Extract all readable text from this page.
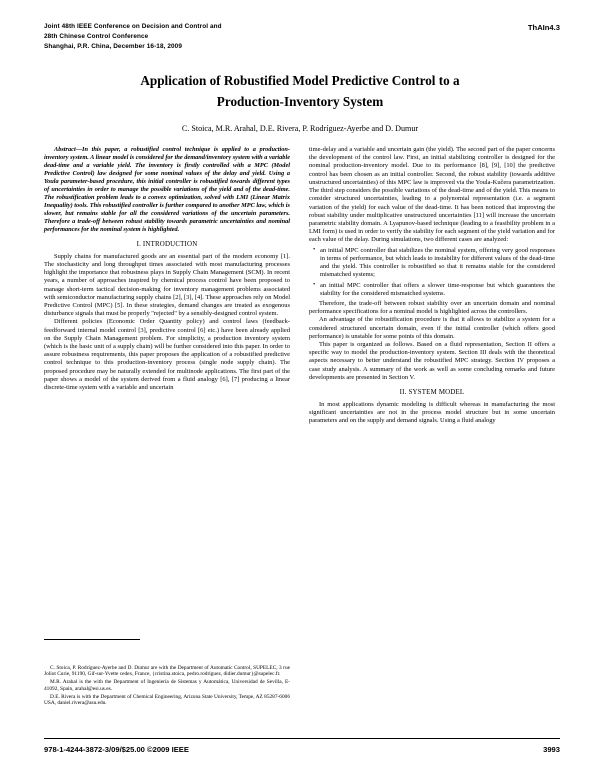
Joint 48th IEEE Conference on Decision and Control and
28th Chinese Control Conference
Shanghai, P.R. China, December 16-18, 2009
ThAIn4.3
Application of Robustified Model Predictive Control to a
Production-Inventory System
C. Stoica, M.R. Arahal, D.E. Rivera, P. Rodríguez-Ayerbe and D. Dumur

Abstract—In this paper, a robustified control technique is applied to a production-inventory system. A linear model is considered for the demand/inventory system with a variable dead-time and a variable yield. The inventory is firstly controlled with a MPC (Model Predictive Control) law designed for some nominal values of the delay and yield. Using a Youla parameter-based procedure, this initial controller is robustified towards different types of uncertainties in order to manage the possible variations of the yield and of the dead-time. The robustification problem leads to a convex optimization, solved with LMI (Linear Matrix Inequality) tools. This robustified controller is further compared to another MPC law, which is slower, but remains stable for all the considered variations of the uncertain parameters. Therefore a trade-off between robust stability towards parametric uncertainties and nominal performances for the nominal system is highlighted.

I. INTRODUCTION

Supply chains for manufactured goods are an essential part of the modern economy [1]. The stochasticity and long throughput times associated with most manufacturing processes highlight the importance that robustness plays in Supply Chain Management (SCM). In recent years, a number of approaches inspired by chemical process control have been proposed to manage short-term tactical decision-making for inventory management problems associated with semiconductor manufacturing supply chains [2], [3], [4]. These approaches rely on Model Predictive Control (MPC) [5]. In these strategies, demand changes are treated as exogenous disturbance signals that must be properly "rejected" by a sensibly-designed control system.

Different policies (Economic Order Quantity policy) and control laws (feedback-feedforward internal model control [3], predictive control [6] etc.) have been already applied on the Supply Chain Management problem. For simplicity, a production inventory system (which is the basic unit of a supply chain) will be further considered into this paper. In order to assure robustness requirements, this paper proposes the application of a robustified predictive control technique to this production-inventory process (single node supply chain). The proposed procedure may be naturally extended for multinode applications. The first part of the paper shows a model of the system derived from a fluid analogy [6], [7] producing a linear discrete-time system with a variable and uncertain

C. Stoica, P. Rodríguez-Ayerbe and D. Dumur are with the Department of Automatic Control, SUPELEC, 3 rue Joliot Curie, 91190, Gif-sur-Yvette cedex, France, {cristina.stoica, pedro.rodriguez, didier.dumur}@supelec.fr.

M.R. Arahal is the with the Department of Ingeniería de Sistemas y Automática, Universidad de Sevilla, E-41092, Spain, arahal@esi.us.es.

D.E. Rivera is with the Department of Chemical Engineering, Arizona State University, Tempe, AZ 85287-6006 USA, daniel.rivera@asu.edu.

time-delay and a variable and uncertain gain (the yield). The second part of the paper concerns the development of the control law. First, an initial stabilizing controller is designed for the nominal production-inventory model. Due to its performance [8], [9], [10] the predictive control has been chosen as an initial controller. Second, the robust stability (towards additive unstructured uncertainties) of this MPC law is improved via the Youla-Kučera parametrization. The third step considers the possible variations of the dead-time and of the yield. This means to consider structured uncertainties, leading to a polynomial representation (i.e. a segment variation of the yield) for each value of the dead-time. It has been noticed that improving the robust stability under multiplicative unstructured uncertainties [11] will increase the uncertain parametric stability domain. A Lyapunov-based technique (leading to a feasibility problem in a LMI form) is used in order to verify the stability for each segment of the yield variation and for each value of the delay. During simulations, two different cases are analyzed:

• an initial MPC controller that stabilizes the nominal system, offering very good responses in terms of performance, but which leads to instability for different values of the dead-time and the yield. This controller is robustified so that it remains stable for the considered mismatched systems;
• an initial MPC controller that offers a slower time-response but which guarantees the stability for the considered mismatched systems.

Therefore, the trade-off between robust stability over an uncertain domain and nominal performance specifications for a nominal model is highlighted across the controllers.

An advantage of the robustification procedure is that it allows to stabilize a system for a considered structured uncertain domain, even if the initial controller (which offers good performance) is unstable for some points of this domain.

This paper is organized as follows. Based on a fluid representation, Section II offers a specific way to model the production-inventory system. Section III deals with the theoretical aspects necessary to better understand the robustified MPC strategy. Section IV proposes a case study analysis. A summary of the work as well as some concluding remarks and future developments are presented in Section V.

II. SYSTEM MODEL

In most applications dynamic modeling is difficult whereas in manufacturing the most significant uncertainties are not in the process model structure but in some uncertain parameters and on the supply and demand signals. Using a fluid analogy

978-1-4244-3872-3/09/$25.00 ©2009 IEEE	3993
